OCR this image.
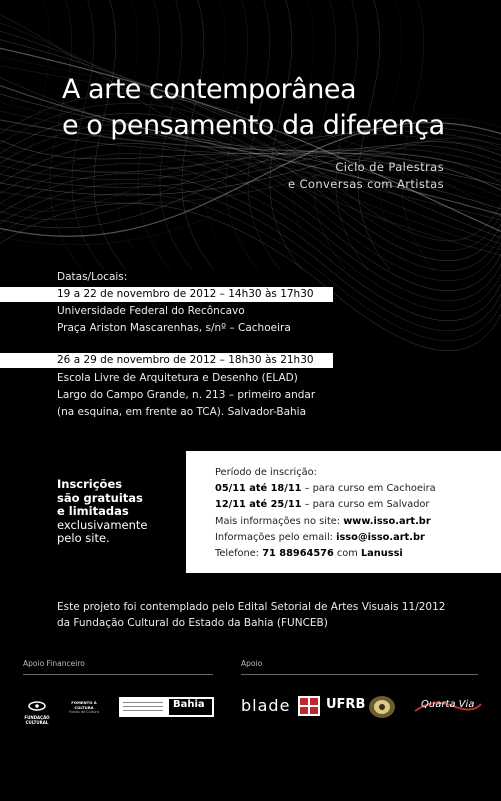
A arte contemporânea
e o pensamento da diferença
Ciclo de Palestras
e Conversas com Artistas
Datas/Locais:
19 a 22 de novembro de 2012 – 14h30 às 17h30
Universidade Federal do Recôncavo
Praça Ariston Mascarenhas, s/nº – Cachoeira
26 a 29 de novembro de 2012 – 18h30 às 21h30
Escola Livre de Arquitetura e Desenho (ELAD)
Largo do Campo Grande, n. 213 – primeiro andar
(na esquina, em frente ao TCA). Salvador-Bahia
Inscrições
são gratuitas
e limitadas
exclusivamente
pelo site.
Período de inscrição:
05/11 até 18/11 – para curso em Cachoeira
12/11 até 25/11 – para curso em Salvador
Mais informações no site: www.isso.art.br
Informações pelo email: isso@isso.art.br
Telefone: 71 88964576 com Lanussi
Este projeto foi contemplado pelo Edital Setorial de Artes Visuais 11/2012
da Fundação Cultural do Estado da Bahia (FUNCEB)
Apoio Financeiro	Apoio
FUNDAÇÃO CULTURAL
FOMENTO À CULTURA
Fundo de Cultura
Bahia blade	UFRB	Quarta Via
